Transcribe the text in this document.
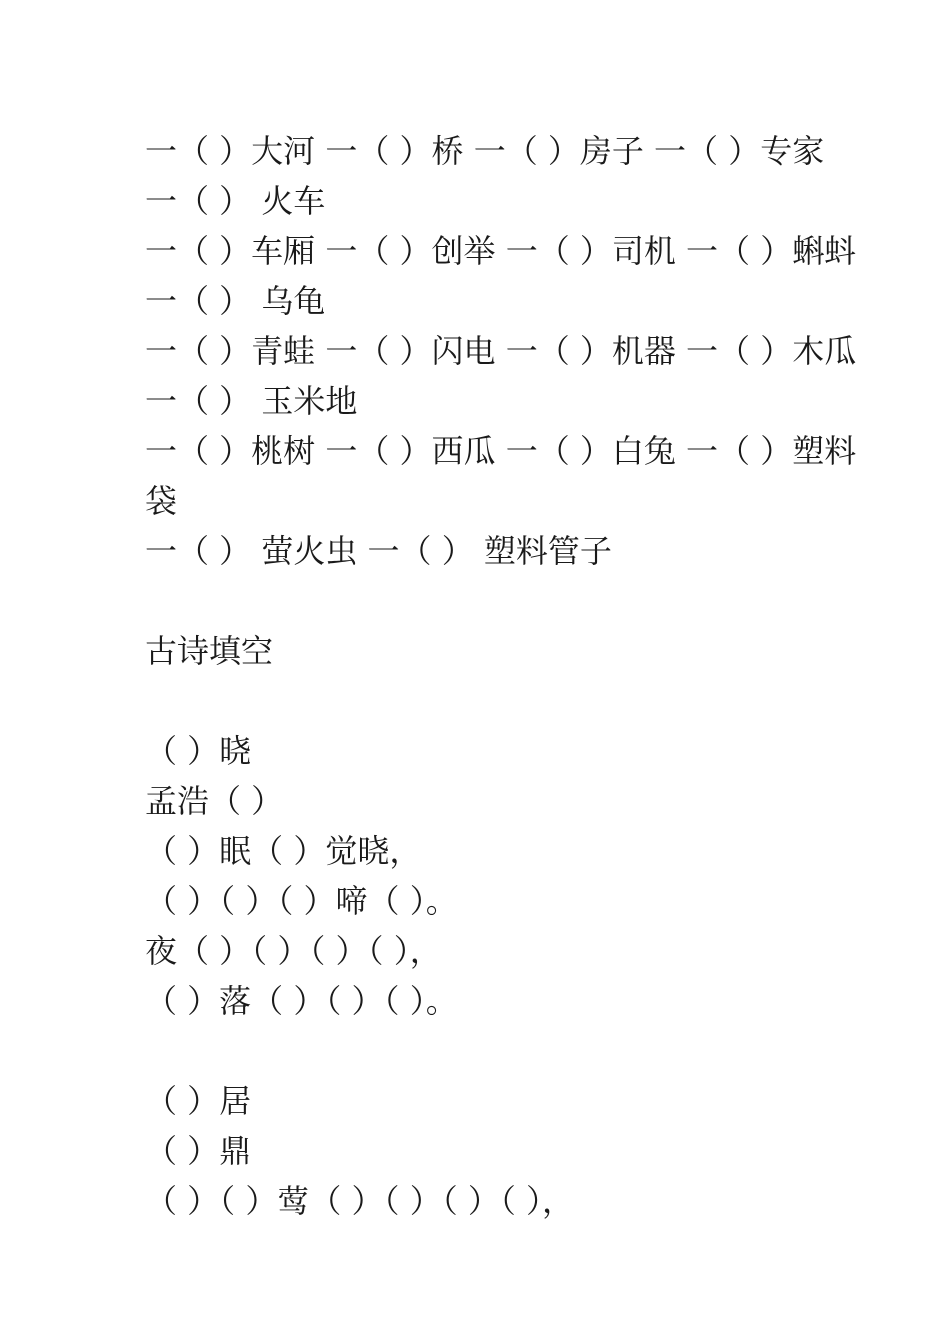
一（ ）大河 一（ ）桥 一（ ）房子 一（ ）专家
一（ ） 火车
一（ ）车厢 一（ ）创举 一（ ）司机 一（ ）蝌蚪
一（ ） 乌龟
一（ ）青蛙 一（ ）闪电 一（ ）机器 一（ ）木瓜
一（ ） 玉米地
一（ ）桃树 一（ ）西瓜 一（ ）白兔 一（ ）塑料
袋
一（ ） 萤火虫 一（ ） 塑料管子
古诗填空
（ ）晓
孟浩（ ）
（ ）眠（ ）觉晓，
（ ）（ ）（ ）啼（ ）。
夜（ ）（ ）（ ）（ ），
（ ）落（ ）（ ）（ ）。
（ ）居
（ ）鼎
（ ）（ ）莺（ ）（ ）（ ）（ ），
